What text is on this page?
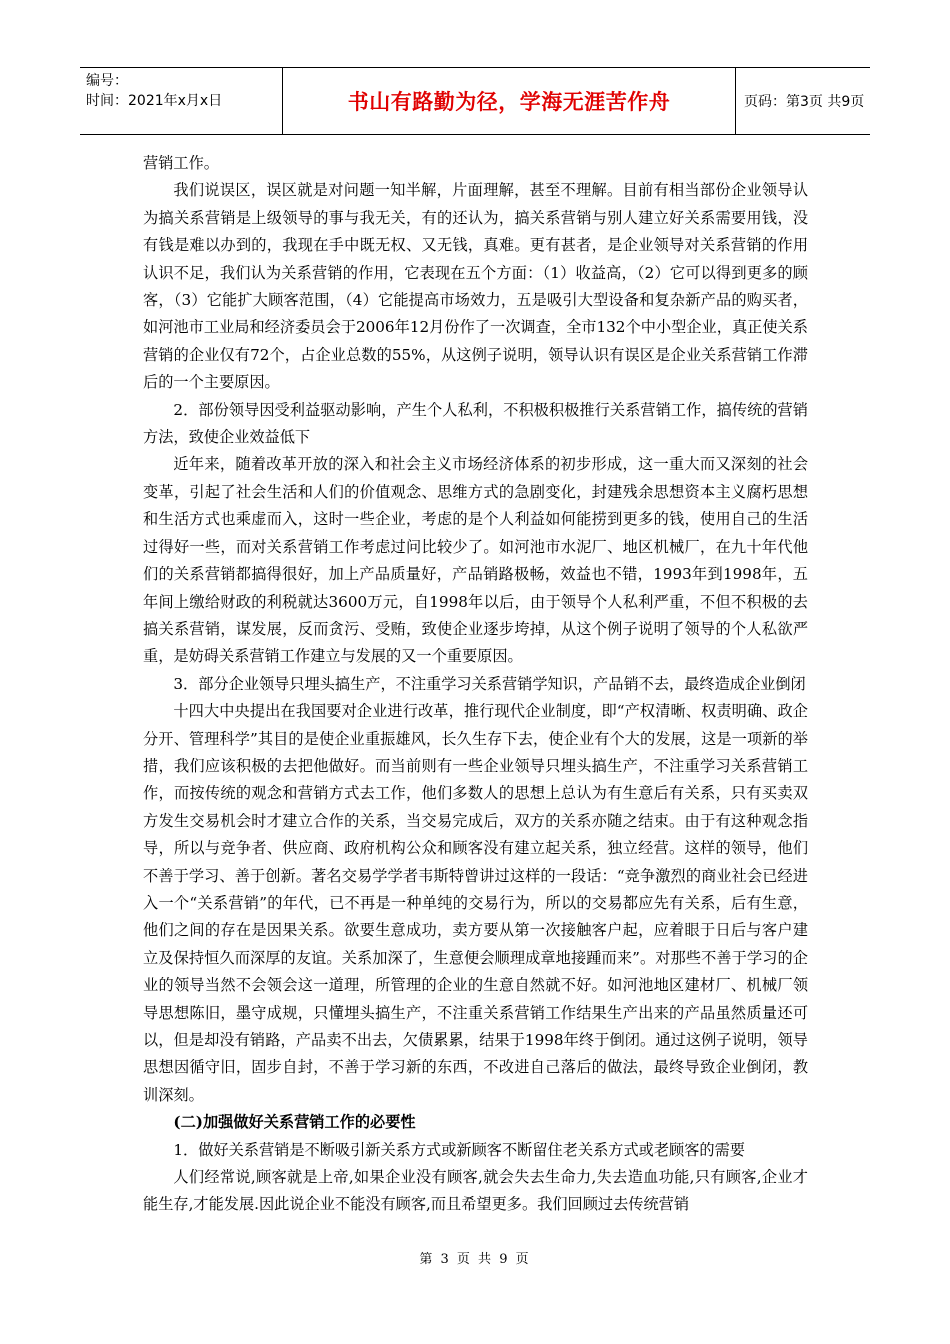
编号：
时间：2021年x月x日	书山有路勤为径，学海无涯苦作舟	页码：第3页 共9页

营销工作。

我们说误区，误区就是对问题一知半解，片面理解，甚至不理解。目前有相当部份企业领导认为搞关系营销是上级领导的事与我无关，有的还认为，搞关系营销与别人建立好关系需要用钱，没有钱是难以办到的，我现在手中既无权、又无钱，真难。更有甚者，是企业领导对关系营销的作用认识不足，我们认为关系营销的作用，它表现在五个方面：（1）收益高，（2）它可以得到更多的顾客，（3）它能扩大顾客范围，（4）它能提高市场效力，五是吸引大型设备和复杂新产品的购买者，如河池市工业局和经济委员会于2006年12月份作了一次调查，全市132个中小型企业，真正使关系营销的企业仅有72个，占企业总数的55%，从这例子说明，领导认识有误区是企业关系营销工作滞后的一个主要原因。

2．部份领导因受利益驱动影响，产生个人私利，不积极积极推行关系营销工作，搞传统的营销方法，致使企业效益低下

近年来，随着改革开放的深入和社会主义市场经济体系的初步形成，这一重大而又深刻的社会变革，引起了社会生活和人们的价值观念、思维方式的急剧变化，封建残余思想资本主义腐朽思想和生活方式也乘虚而入，这时一些企业，考虑的是个人利益如何能捞到更多的钱，使用自己的生活过得好一些，而对关系营销工作考虑过问比较少了。如河池市水泥厂、地区机械厂，在九十年代他们的关系营销都搞得很好，加上产品质量好，产品销路极畅，效益也不错，1993年到1998年，五年间上缴给财政的利税就达3600万元，自1998年以后，由于领导个人私利严重，不但不积极的去搞关系营销，谋发展，反而贪污、受贿，致使企业逐步垮掉，从这个例子说明了领导的个人私欲严重，是妨碍关系营销工作建立与发展的又一个重要原因。

3．部分企业领导只埋头搞生产，不注重学习关系营销学知识，产品销不去，最终造成企业倒闭

十四大中央提出在我国要对企业进行改革，推行现代企业制度，即“产权清晰、权责明确、政企分开、管理科学”其目的是使企业重振雄风，长久生存下去，使企业有个大的发展，这是一项新的举措，我们应该积极的去把他做好。而当前则有一些企业领导只埋头搞生产，不注重学习关系营销工作，而按传统的观念和营销方式去工作，他们多数人的思想上总认为有生意后有关系，只有买卖双方发生交易机会时才建立合作的关系，当交易完成后，双方的关系亦随之结束。由于有这种观念指导，所以与竞争者、供应商、政府机构公众和顾客没有建立起关系，独立经营。这样的领导，他们不善于学习、善于创新。著名交易学学者韦斯特曾讲过这样的一段话：“竞争激烈的商业社会已经进入一个“关系营销”的年代，已不再是一种单纯的交易行为，所以的交易都应先有关系，后有生意，他们之间的存在是因果关系。欲要生意成功，卖方要从第一次接触客户起，应着眼于日后与客户建立及保持恒久而深厚的友谊。关系加深了，生意便会顺理成章地接踵而来”。对那些不善于学习的企业的领导当然不会领会这一道理，所管理的企业的生意自然就不好。如河池地区建材厂、机械厂领导思想陈旧，墨守成规，只懂埋头搞生产，不注重关系营销工作结果生产出来的产品虽然质量还可以，但是却没有销路，产品卖不出去，欠债累累，结果于1998年终于倒闭。通过这例子说明，领导思想因循守旧，固步自封，不善于学习新的东西，不改进自己落后的做法，最终导致企业倒闭，教训深刻。

(二)加强做好关系营销工作的必要性

1．做好关系营销是不断吸引新关系方式或新顾客不断留住老关系方式或老顾客的需要

人们经常说,顾客就是上帝,如果企业没有顾客,就会失去生命力,失去造血功能,只有顾客,企业才能生存,才能发展.因此说企业不能没有顾客,而且希望更多。我们回顾过去传统营销

第 3 页 共 9 页
